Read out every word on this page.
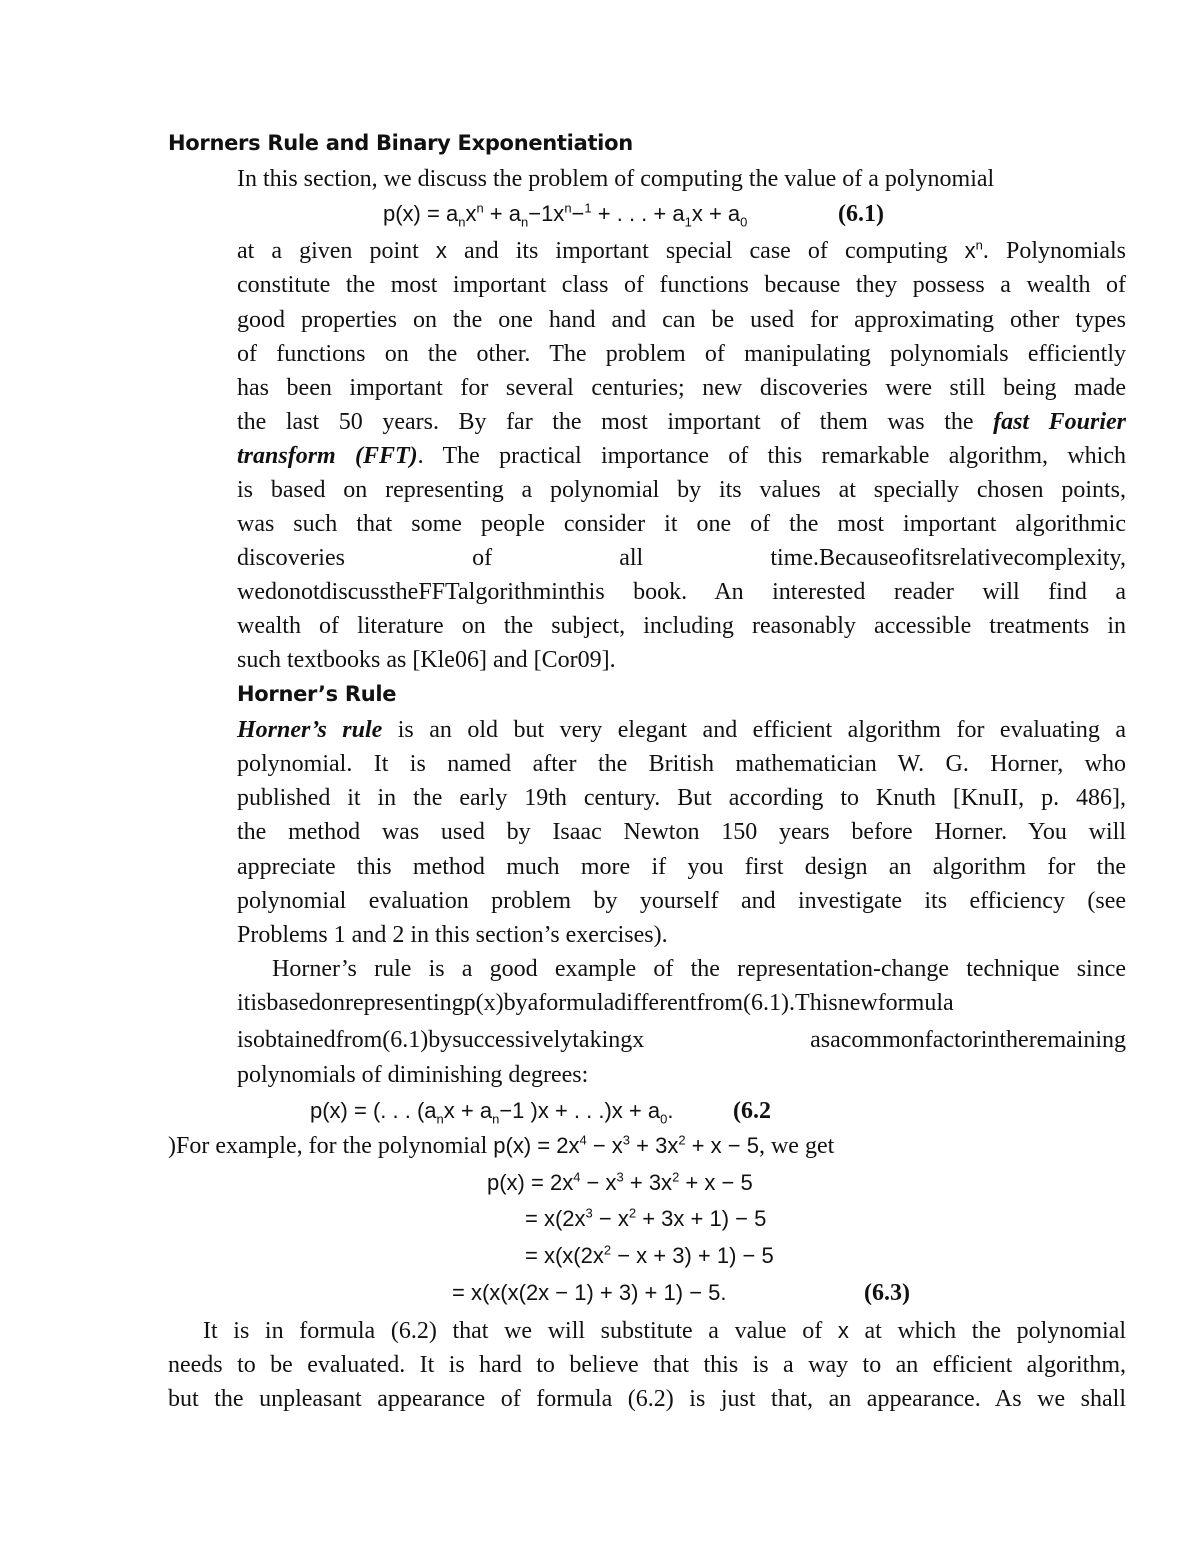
Horners Rule and Binary Exponentiation
In this section, we discuss the problem of computing the value of a polynomial
$p(x) = a_nx^n + a_n-1x^n-^1$ + . . . + $a_1x + a_0$	(6.1)
at a given point x and its important special case of computing $x^n$. Polynomials
constitute the most important class of functions because they possess a wealth of
good properties on the one hand and can be used for approximating other types
of functions on the other. The problem of manipulating polynomials efficiently
has been important for several centuries; new discoveries were still being made
the last 50 years. By far the most important of them was the fast Fourier
transform (FFT). The practical importance of this remarkable algorithm, which
is based on representing a polynomial by its values at specially chosen points,
was such that some people consider it one of the most important algorithmic
discoveries	of	all	time.Becauseofitsrelativecomplexity,
wedonotdiscusstheFFTalgorithminthis book. An interested reader will find a
wealth of literature on the subject, including reasonably accessible treatments in
such textbooks as [Kle06] and [Cor09].
Horner’s Rule
Horner’s rule is an old but very elegant and efficient algorithm for evaluating a
polynomial. It is named after the British mathematician W. G. Horner, who
published it in the early 19th century. But according to Knuth [KnuII, p. 486],
the method was used by Isaac Newton 150 years before Horner. You will
appreciate this method much more if you first design an algorithm for the
polynomial evaluation problem by yourself and investigate its efficiency (see
Problems 1 and 2 in this section’s exercises).
Horner’s rule is a good example of the representation-change technique since
itisbasedonrepresentingp(x)byaformuladifferentfrom(6.1).Thisnewformula
isobtainedfrom(6.1)bysuccessivelytakingx	asacommonfactorintheremaining
polynomials of diminishing degrees:
p(x) = (. . . ($a_nx + a_n-1$ )x + . . $.)x + a_0$. (6.2
)For example, for the polynomial $p(x) = 2x^4 - x^3 + 3x^2 + x - 5$, we get
$p(x) = 2x^4 - x^3 + 3x^2 + x - 5$
= $x(2x^3 - x^2 + 3x + 1) - 5$
= $x(x(2x^2 - x + 3) + 1) - 5$
= x(x(x(2x − 1) + 3) + 1) − 5.	(6.3)
It is in formula (6.2) that we will substitute a value of x at which the polynomial
needs to be evaluated. It is hard to believe that this is a way to an efficient algorithm,
but the unpleasant appearance of formula (6.2) is just that, an appearance. As we shall
